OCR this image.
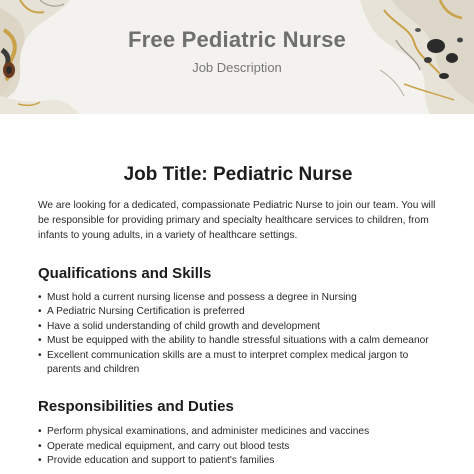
Free Pediatric Nurse
Job Description
Job Title: Pediatric Nurse

We are looking for a dedicated, compassionate Pediatric Nurse to join our team. You will be responsible for providing primary and specialty healthcare services to children, from infants to young adults, in a variety of healthcare settings.

Qualifications and Skills
• Must hold a current nursing license and possess a degree in Nursing
• A Pediatric Nursing Certification is preferred
• Have a solid understanding of child growth and development
• Must be equipped with the ability to handle stressful situations with a calm demeanor
• Excellent communication skills are a must to interpret complex medical jargon to parents and children
Responsibilities and Duties
• Perform physical examinations, and administer medicines and vaccines
• Operate medical equipment, and carry out blood tests
• Provide education and support to patient's families
